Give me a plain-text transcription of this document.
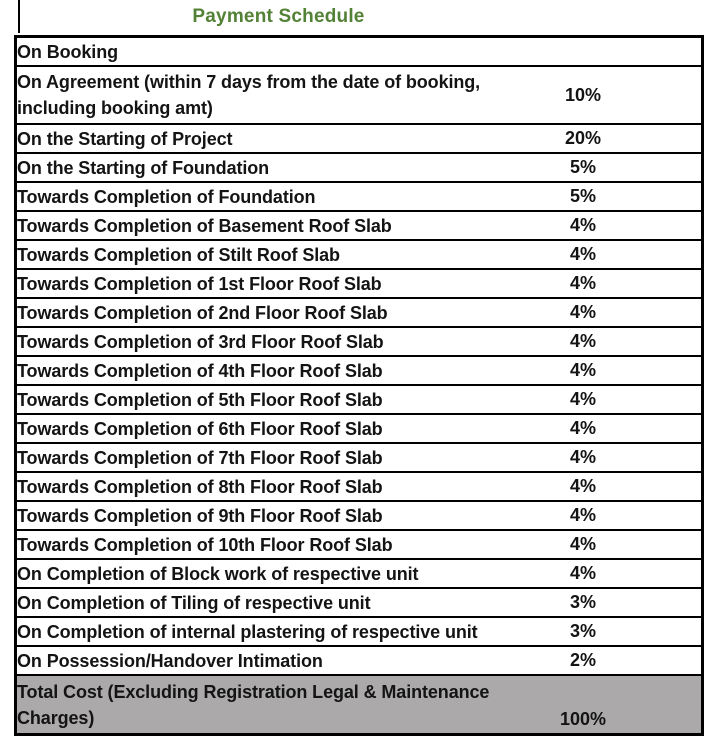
Payment Schedule
On Booking		
On Agreement (within 7 days from the date of booking, including booking amt)	10%	
On the Starting of Project	20%	
On the Starting of Foundation	5%	
Towards Completion of Foundation	5%	
Towards Completion of Basement Roof Slab	4%	
Towards Completion of Stilt Roof Slab	4%	
Towards Completion of 1st Floor Roof Slab	4%	
Towards Completion of 2nd Floor Roof Slab	4%	
Towards Completion of 3rd Floor Roof Slab	4%	
Towards Completion of 4th Floor Roof Slab	4%	
Towards Completion of 5th Floor Roof Slab	4%	
Towards Completion of 6th Floor Roof Slab	4%	
Towards Completion of 7th Floor Roof Slab	4%	
Towards Completion of 8th Floor Roof Slab	4%	
Towards Completion of 9th Floor Roof Slab	4%	
Towards Completion of 10th Floor Roof Slab	4%	
On Completion of Block work of respective unit	4%	
On Completion of Tiling of respective unit	3%	
On Completion of internal plastering of respective unit	3%	
On Possession/Handover Intimation	2%	
Total Cost (Excluding Registration Legal & Maintenance Charges)	100%	
